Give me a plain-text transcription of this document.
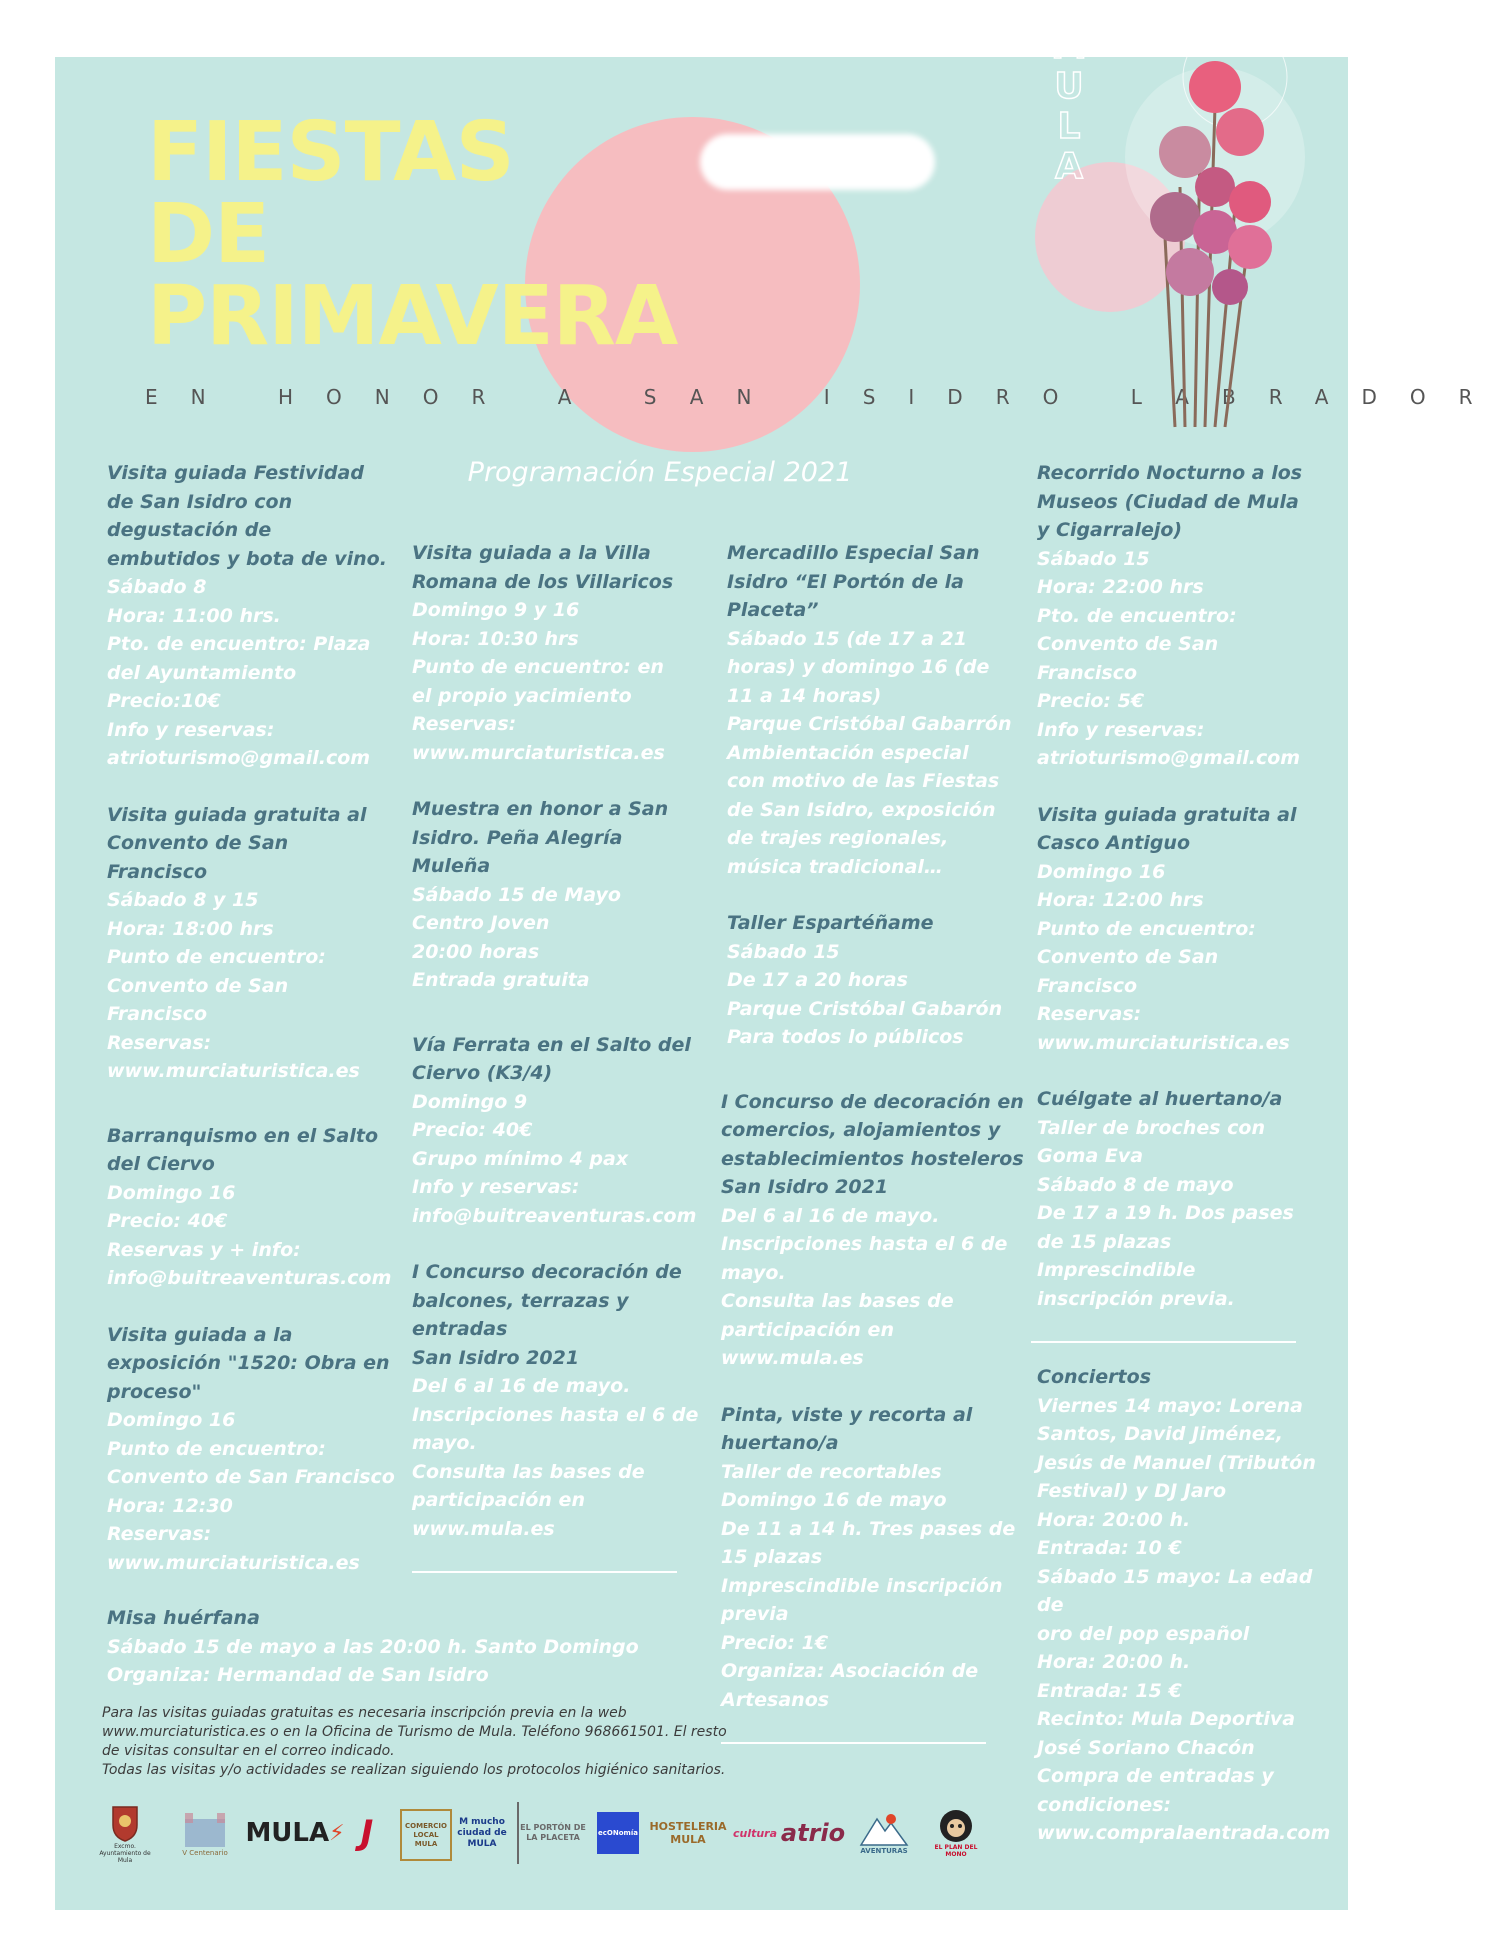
FIESTAS
DE
PRIMAVERA
EN HONOR A SAN ISIDRO LABRADOR
M
U
L
A
Programación Especial 2021
Visita guiada Festividad
de San Isidro con
degustación de
embutidos y bota de vino.
Sábado 8
Hora: 11:00 hrs.
Pto. de encuentro: Plaza
del Ayuntamiento
Precio:10€
Info y reservas:
atrioturismo@gmail.com
Visita guiada gratuita al
Convento de San
Francisco
Sábado 8 y 15
Hora: 18:00 hrs
Punto de encuentro:
Convento de San
Francisco
Reservas:
www.murciaturistica.es
Barranquismo en el Salto
del Ciervo
Domingo 16
Precio: 40€
Reservas y + info:
info@buitreaventuras.com
Visita guiada a la
exposición "1520: Obra en
proceso"
Domingo 16
Punto de encuentro:
Convento de San Francisco
Hora: 12:30
Reservas:
www.murciaturistica.es
Visita guiada a la Villa
Romana de los Villaricos
Domingo 9 y 16
Hora: 10:30 hrs
Punto de encuentro: en
el propio yacimiento
Reservas:
www.murciaturistica.es
Muestra en honor a San
Isidro. Peña Alegría
Muleña
Sábado 15 de Mayo
Centro Joven
20:00 horas
Entrada gratuita
Vía Ferrata en el Salto del
Ciervo (K3/4)
Domingo 9
Precio: 40€
Grupo mínimo 4 pax
Info y reservas:
info@buitreaventuras.com
I Concurso decoración de
balcones, terrazas y entradas
San Isidro 2021
Del 6 al 16 de mayo.
Inscripciones hasta el 6 de
mayo.
Consulta las bases de
participación en
www.mula.es
Mercadillo Especial San
Isidro “El Portón de la
Placeta”
Sábado 15 (de 17 a 21
horas) y domingo 16 (de
11 a 14 horas)
Parque Cristóbal Gabarrón
Ambientación especial
con motivo de las Fiestas
de San Isidro, exposición
de trajes regionales,
música tradicional…
Taller Espartéñame
Sábado 15
De 17 a 20 horas
Parque Cristóbal Gabarón
Para todos lo públicos
I Concurso de decoración en
comercios, alojamientos y
establecimientos hosteleros
San Isidro 2021
Del 6 al 16 de mayo.
Inscripciones hasta el 6 de
mayo.
Consulta las bases de
participación en
www.mula.es
Pinta, viste y recorta al
huertano/a
Taller de recortables
Domingo 16 de mayo
De 11 a 14 h. Tres pases de
15 plazas
Imprescindible inscripción
previa
Precio: 1€
Organiza: Asociación de
Artesanos
Recorrido Nocturno a los
Museos (Ciudad de Mula
y Cigarralejo)
Sábado 15
Hora: 22:00 hrs
Pto. de encuentro:
Convento de San
Francisco
Precio: 5€
Info y reservas:
atrioturismo@gmail.com
Visita guiada gratuita al
Casco Antiguo
Domingo 16
Hora: 12:00 hrs
Punto de encuentro:
Convento de San
Francisco
Reservas:
www.murciaturistica.es
Cuélgate al huertano/a
Taller de broches con
Goma Eva
Sábado 8 de mayo
De 17 a 19 h. Dos pases
de 15 plazas
Imprescindible
inscripción previa.
Conciertos
Viernes 14 mayo: Lorena
Santos, David Jiménez,
Jesús de Manuel (Tributón
Festival) y DJ Jaro
Hora: 20:00 h.
Entrada: 10 €
Sábado 15 mayo: La edad de
oro del pop español
Hora: 20:00 h.
Entrada: 15 €
Recinto: Mula Deportiva
José Soriano Chacón
Compra de entradas y
condiciones:
www.compralaentrada.com
Misa huérfana
Sábado 15 de mayo a las 20:00 h. Santo Domingo
Organiza: Hermandad de San Isidro
Para las visitas guiadas gratuitas es necesaria inscripción previa en la web
www.murciaturistica.es o en la Oficina de Turismo de Mula. Teléfono 968661501. El resto
de visitas consultar en el correo indicado.
Todas las visitas y/o actividades se realizan siguiendo los protocolos higiénico sanitarios.
Excmo. Ayuntamiento de Mula
V Centenario
MULA ⚡ J	COMERCIO LOCAL MULA
M mucho ciudad de MULA
EL PORTÓN DE LA PLACETA	ecONomía HOSTELERIA MULA	cultura atrio
AVENTURAS	EL PLAN DEL MONO
